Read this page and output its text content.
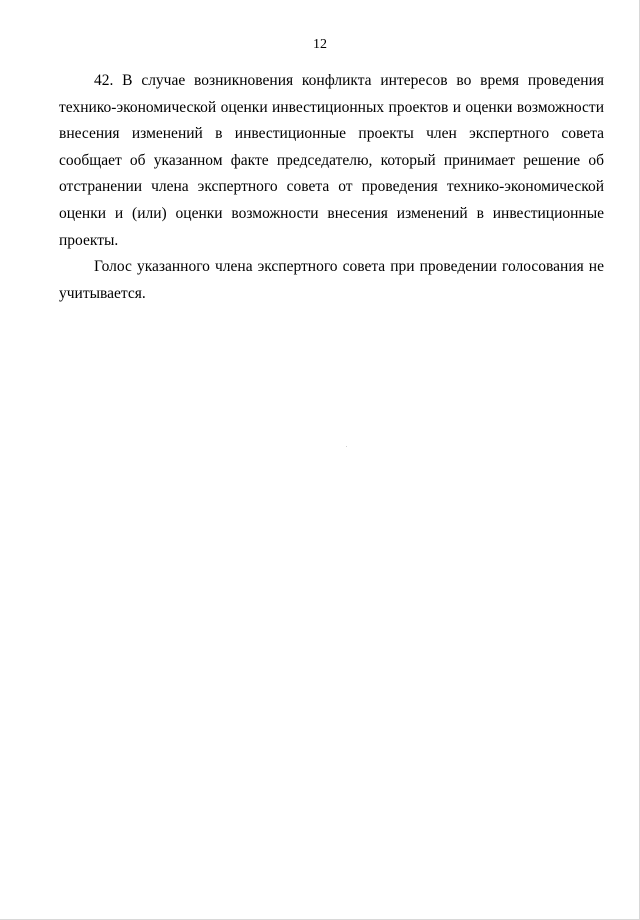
12

42. В случае возникновения конфликта интересов во время проведения технико-экономической оценки инвестиционных проектов и оценки возможности внесения изменений в инвестиционные проекты член экспертного совета сообщает об указанном факте председателю, который принимает решение об отстранении члена экспертного совета от проведения технико-экономической оценки и (или) оценки возможности внесения изменений в инвестиционные проекты.

Голос указанного члена экспертного совета при проведении голосования не учитывается.
